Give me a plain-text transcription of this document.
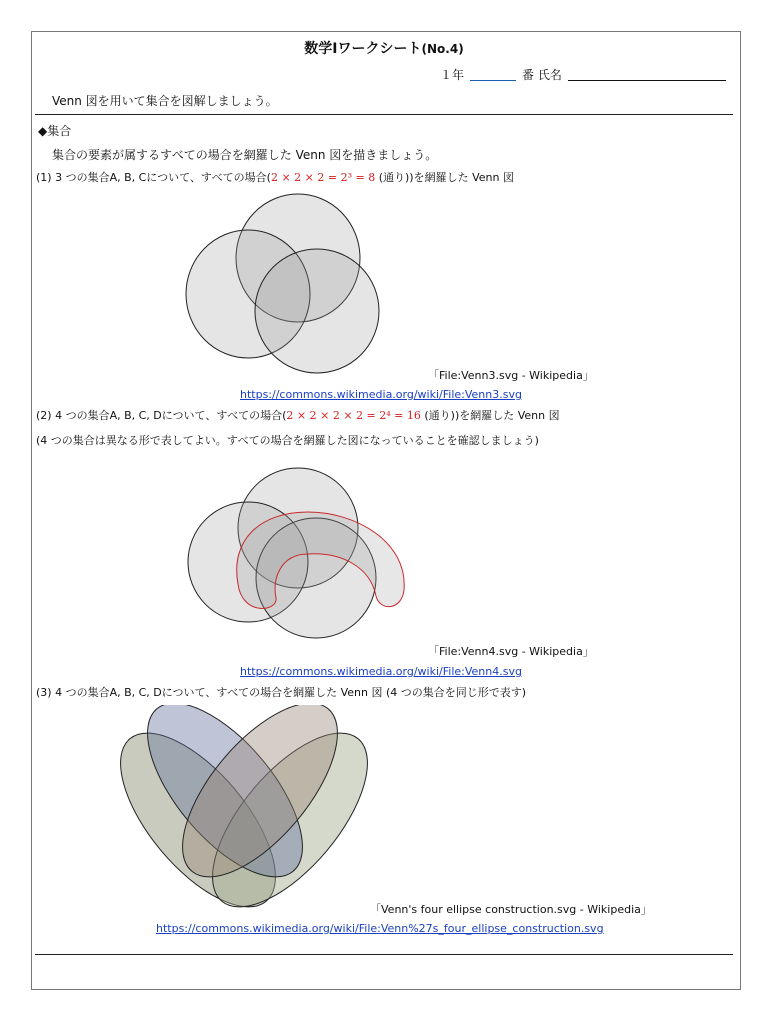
数学Ⅰワークシート(No.4)
１年	番 氏名
Venn 図を用いて集合を図解しましょう。
◆集合
集合の要素が属するすべての場合を網羅した Venn 図を描きましょう。
(1) 3 つの集合A, B, Cについて、すべての場合(2 × 2 × 2 = 2³ = 8 (通り))を網羅した Venn 図
「File:Venn3.svg - Wikipedia」
https://commons.wikimedia.org/wiki/File:Venn3.svg
(2) 4 つの集合A, B, C, Dについて、すべての場合(2 × 2 × 2 × 2 = 2⁴ = 16 (通り))を網羅した Venn 図
(4 つの集合は異なる形で表してよい。すべての場合を網羅した図になっていることを確認しましょう)
「File:Venn4.svg - Wikipedia」
https://commons.wikimedia.org/wiki/File:Venn4.svg
(3) 4 つの集合A, B, C, Dについて、すべての場合を網羅した Venn 図 (4 つの集合を同じ形で表す)
「Venn's four ellipse construction.svg - Wikipedia」
https://commons.wikimedia.org/wiki/File:Venn%27s_four_ellipse_construction.svg
